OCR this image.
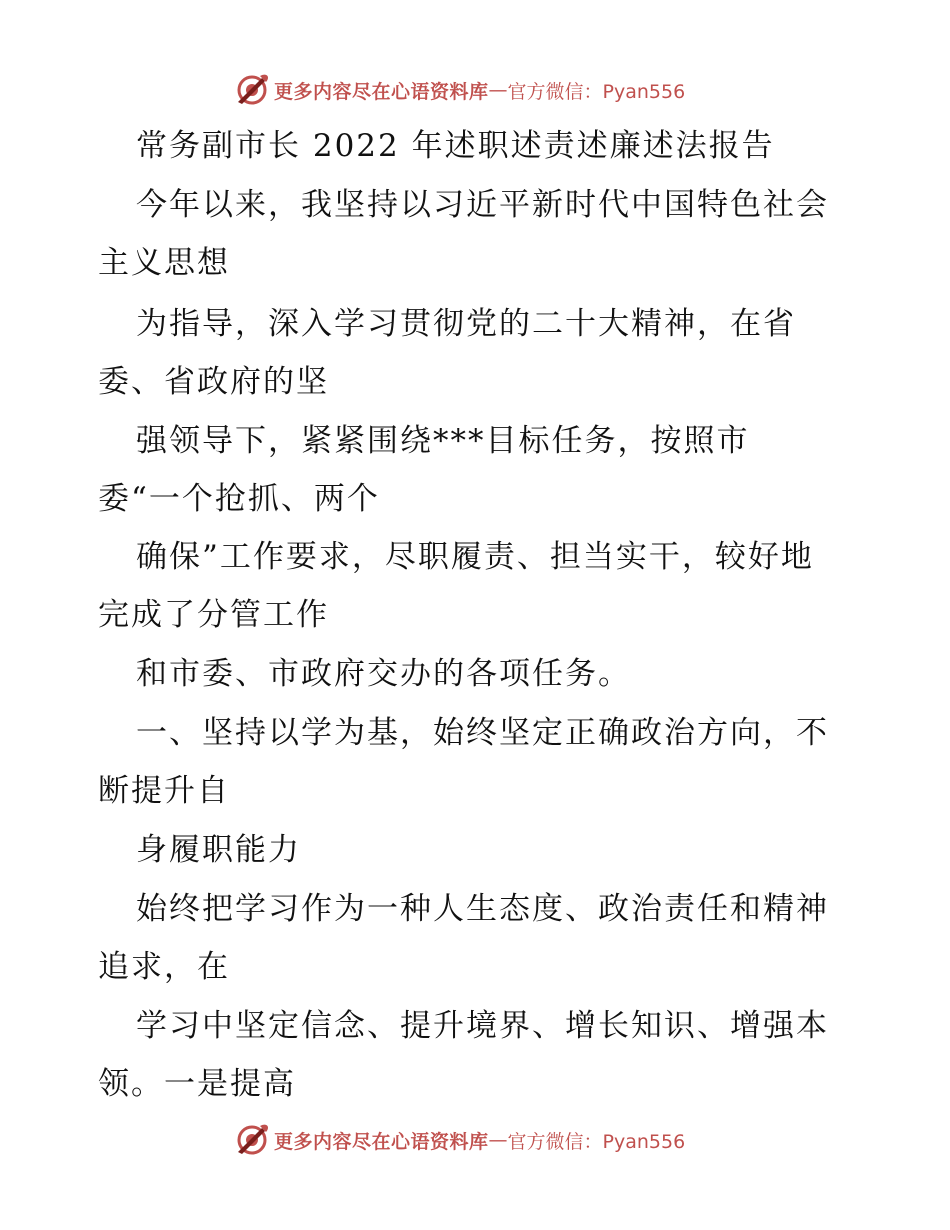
更多内容尽在心语资料库 — 官方微信：Pyan556
常务副市长 2022 年述职述责述廉述法报告
今年以来，我坚持以习近平新时代中国特色社会
主义思想
为指导，深入学习贯彻党的二十大精神，在省
委、省政府的坚
强领导下，紧紧围绕***目标任务，按照市
委“一个抢抓、两个
确保”工作要求，尽职履责、担当实干，较好地
完成了分管工作
和市委、市政府交办的各项任务。
一、坚持以学为基，始终坚定正确政治方向，不
断提升自
身履职能力
始终把学习作为一种人生态度、政治责任和精神
追求，在
学习中坚定信念、提升境界、增长知识、增强本
领。一是提高
更多内容尽在心语资料库 — 官方微信：Pyan556
